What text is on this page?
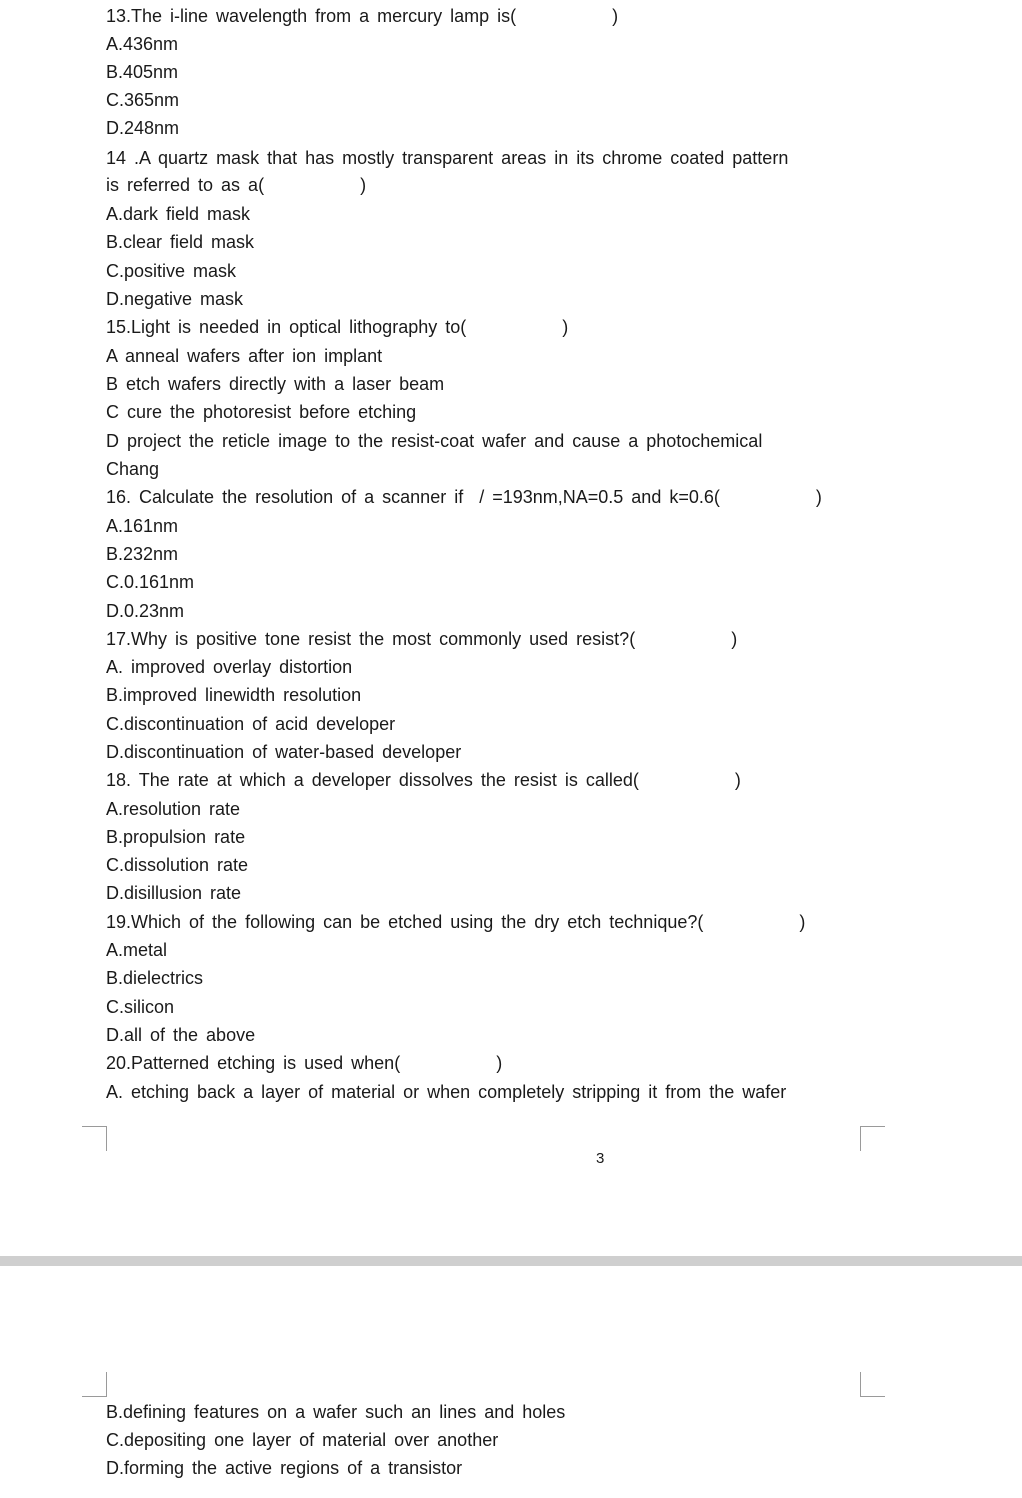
13.The i-line wavelength from a mercury lamp is(            )
A.436nm
B.405nm
C.365nm
D.248nm
14 .A quartz mask that has mostly transparent areas in its chrome coated pattern
is referred to as a(            )
A.dark field mask
B.clear field mask
C.positive mask
D.negative mask
15.Light is needed in optical lithography to(            )
A anneal wafers after ion implant
B etch wafers directly with a laser beam
C cure the photoresist before etching
D project the reticle image to the resist-coat wafer and cause a photochemical
Chang
16. Calculate the resolution of a scanner if  / =193nm,NA=0.5 and k=0.6(            )
A.161nm
B.232nm
C.0.161nm
D.0.23nm
17.Why is positive tone resist the most commonly used resist?(            )
A. improved overlay distortion
B.improved linewidth resolution
C.discontinuation of acid developer
D.discontinuation of water-based developer
18. The rate at which a developer dissolves the resist is called(            )
A.resolution rate
B.propulsion rate
C.dissolution rate
D.disillusion rate
19.Which of the following can be etched using the dry etch technique?(            )
A.metal
B.dielectrics
C.silicon
D.all of the above
20.Patterned etching is used when(            )
A. etching back a layer of material or when completely stripping it from the wafer
3
B.defining features on a wafer such an lines and holes
C.depositing one layer of material over another
D.forming the active regions of a transistor
